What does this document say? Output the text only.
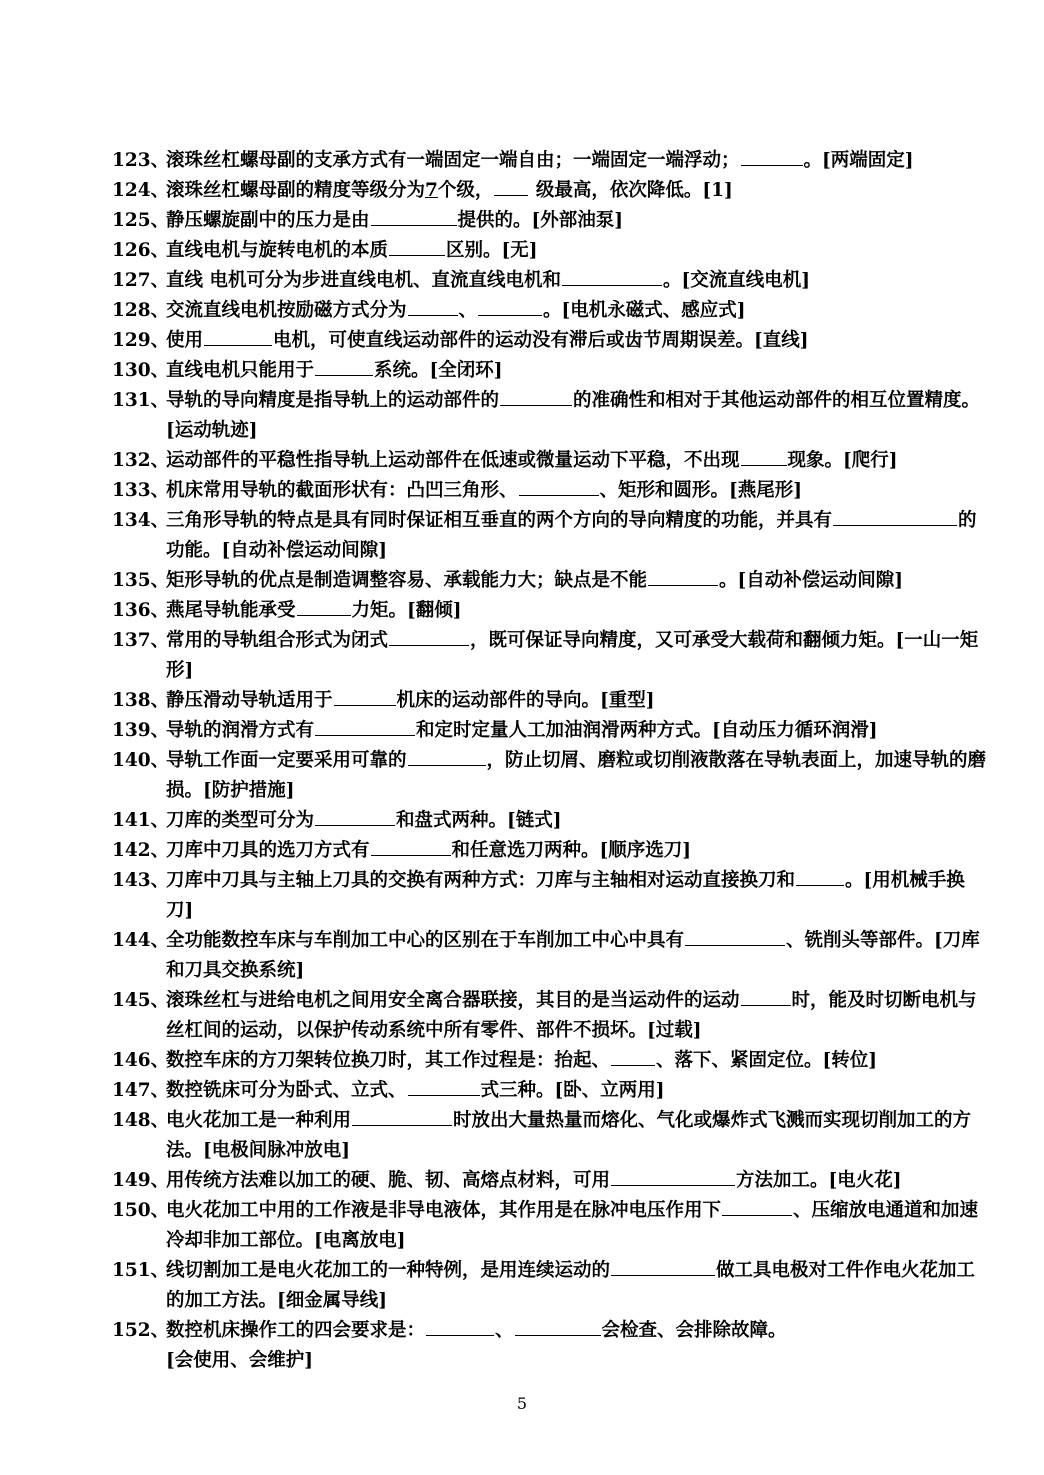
123、
滚珠丝杠螺母副的支承方式有一端固定一端自由；一端固定一端浮动；	。[两端固定]
124、
滚珠丝杠螺母副的精度等级分为7个级， 级最高，依次降低。[1]
125、
静压螺旋副中的压力是由	提供的。[外部油泵]
126、
直线电机与旋转电机的本质	区别。[无]
127、
直线 电机可分为步进直线电机、直流直线电机和	。[交流直线电机]
128、
交流直线电机按励磁方式分为	、	。[电机永磁式、感应式]
129、
使用	电机，可使直线运动部件的运动没有滞后或齿节周期误差。[直线]
130、
直线电机只能用于	系统。[全闭环]
131、
导轨的导向精度是指导轨上的运动部件的	的准确性和相对于其他运动部件的相互位置精度。[运动轨迹]
132、
运动部件的平稳性指导轨上运动部件在低速或微量运动下平稳，不出现	现象。[爬行]
133、
机床常用导轨的截面形状有：凸凹三角形、	、矩形和圆形。[燕尾形]
134、
三角形导轨的特点是具有同时保证相互垂直的两个方向的导向精度的功能，并具有	的功能。[自动补偿运动间隙]
135、
矩形导轨的优点是制造调整容易、承载能力大；缺点是不能	。[自动补偿运动间隙]
136、
燕尾导轨能承受	力矩。[翻倾]
137、
常用的导轨组合形式为闭式	，既可保证导向精度，又可承受大载荷和翻倾力矩。[一山一矩形]
138、
静压滑动导轨适用于	机床的运动部件的导向。[重型]
139、
导轨的润滑方式有	和定时定量人工加油润滑两种方式。[自动压力循环润滑]
140、
导轨工作面一定要采用可靠的	，防止切屑、磨粒或切削液散落在导轨表面上，加速导轨的磨损。[防护措施]
141、
刀库的类型可分为	和盘式两种。[链式]
142、
刀库中刀具的选刀方式有	和任意选刀两种。[顺序选刀]
143、
刀库中刀具与主轴上刀具的交换有两种方式：刀库与主轴相对运动直接换刀和	。[用机械手换刀]
144、
全功能数控车床与车削加工中心的区别在于车削加工中心中具有	、铣削头等部件。[刀库和刀具交换系统]
145、
滚珠丝杠与进给电机之间用安全离合器联接，其目的是当运动件的运动	时，能及时切断电机与丝杠间的运动，以保护传动系统中所有零件、部件不损坏。[过载]
146、
数控车床的方刀架转位换刀时，其工作过程是：抬起、 、落下、紧固定位。[转位]
147、
数控铣床可分为卧式、立式、	式三种。[卧、立两用]
148、
电火花加工是一种利用	时放出大量热量而熔化、气化或爆炸式飞溅而实现切削加工的方法。[电极间脉冲放电]
149、
用传统方法难以加工的硬、脆、韧、高熔点材料，可用	方法加工。[电火花]
150、
电火花加工中用的工作液是非导电液体，其作用是在脉冲电压作用下	、压缩放电通道和加速冷却非加工部位。[电离放电]
151、
线切割加工是电火花加工的一种特例，是用连续运动的	做工具电极对工件作电火花加工的加工方法。[细金属导线]
152、
数控机床操作工的四会要求是：	、	会检查、会排除故障。
[会使用、会维护]
5
